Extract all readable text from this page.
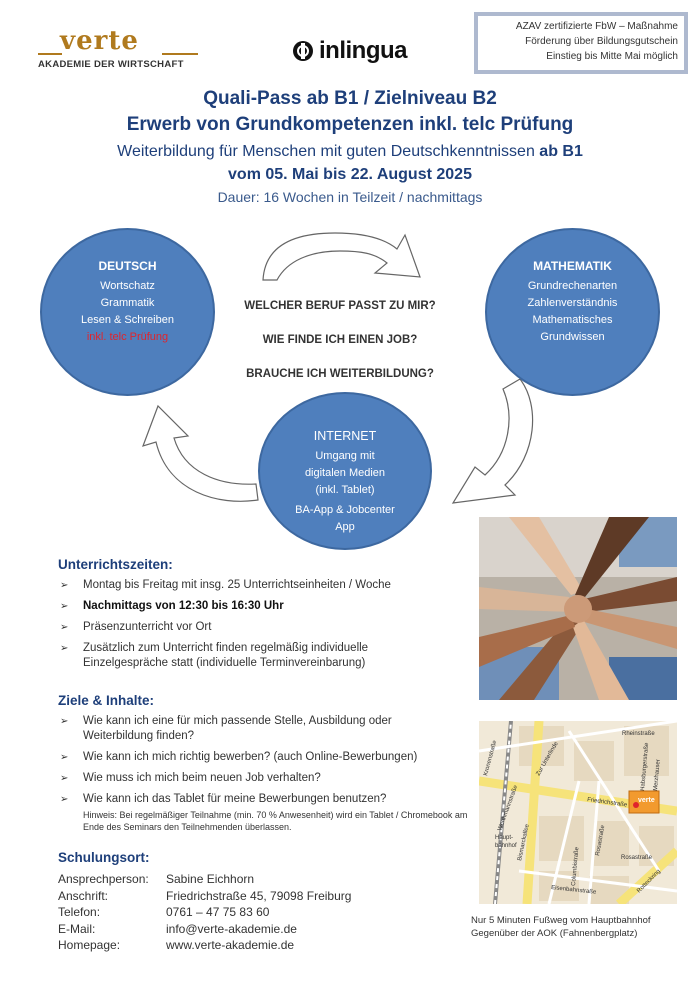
verte
AKADEMIE DER WIRTSCHAFT
inlingua
AZAV zertifizierte FbW – Maßnahme
Förderung über Bildungsgutschein
Einstieg bis Mitte Mai möglich
Quali-Pass ab B1 / Zielniveau B2
Erwerb von Grundkompetenzen inkl. telc Prüfung
Weiterbildung für Menschen mit guten Deutschkenntnissen ab B1
vom 05. Mai bis 22. August 2025
Dauer: 16 Wochen in Teilzeit / nachmittags
DEUTSCH
Wortschatz
Grammatik
Lesen & Schreiben
inkl. telc Prüfung
MATHEMATIK
Grundrechenarten
Zahlenverständnis
Mathematisches
Grundwissen
INTERNET
Umgang mit
digitalen Medien
(inkl. Tablet)
BA-App & Jobcenter
App
WELCHER BERUF PASST ZU MIR?
WIE FINDE ICH EINEN JOB?
BRAUCHE ICH WEITERBILDUNG?
Rheinstraße
Kronenstraße	Zur Unterlinde
Werthmannstraße	Friedrichstraße
Habsburgerstraße Merzhauser
Rosastraße
Columbistraße	Rosastraße
Eisenbahnstraße
Bismarckallee
Rotteckring
Haupt-
bahnhof
verte
Nur 5 Minuten Fußweg vom Hauptbahnhof
Gegenüber der AOK (Fahnenbergplatz)
Unterrichtszeiten:
➢ Montag bis Freitag mit insg. 25 Unterrichtseinheiten / Woche
➢ Nachmittags von 12:30 bis 16:30 Uhr
➢ Präsenzunterricht vor Ort
➢ Zusätzlich zum Unterricht finden regelmäßig individuelle Einzelgespräche statt (individuelle Terminvereinbarung)
Ziele & Inhalte:
➢ Wie kann ich eine für mich passende Stelle, Ausbildung oder Weiterbildung finden?
➢ Wie kann ich mich richtig bewerben? (auch Online-Bewerbungen)
➢ Wie muss ich mich beim neuen Job verhalten?
➢ Wie kann ich das Tablet für meine Bewerbungen benutzen?
Hinweis: Bei regelmäßiger Teilnahme (min. 70 % Anwesenheit) wird ein Tablet / Chromebook am Ende des Seminars den Teilnehmenden überlassen.
Schulungsort:
Ansprechperson:	Sabine Eichhorn
Anschrift:	Friedrichstraße 45, 79098 Freiburg
Telefon:	0761 – 47 75 83 60
E-Mail:	info@verte-akademie.de
Homepage:	www.verte-akademie.de
